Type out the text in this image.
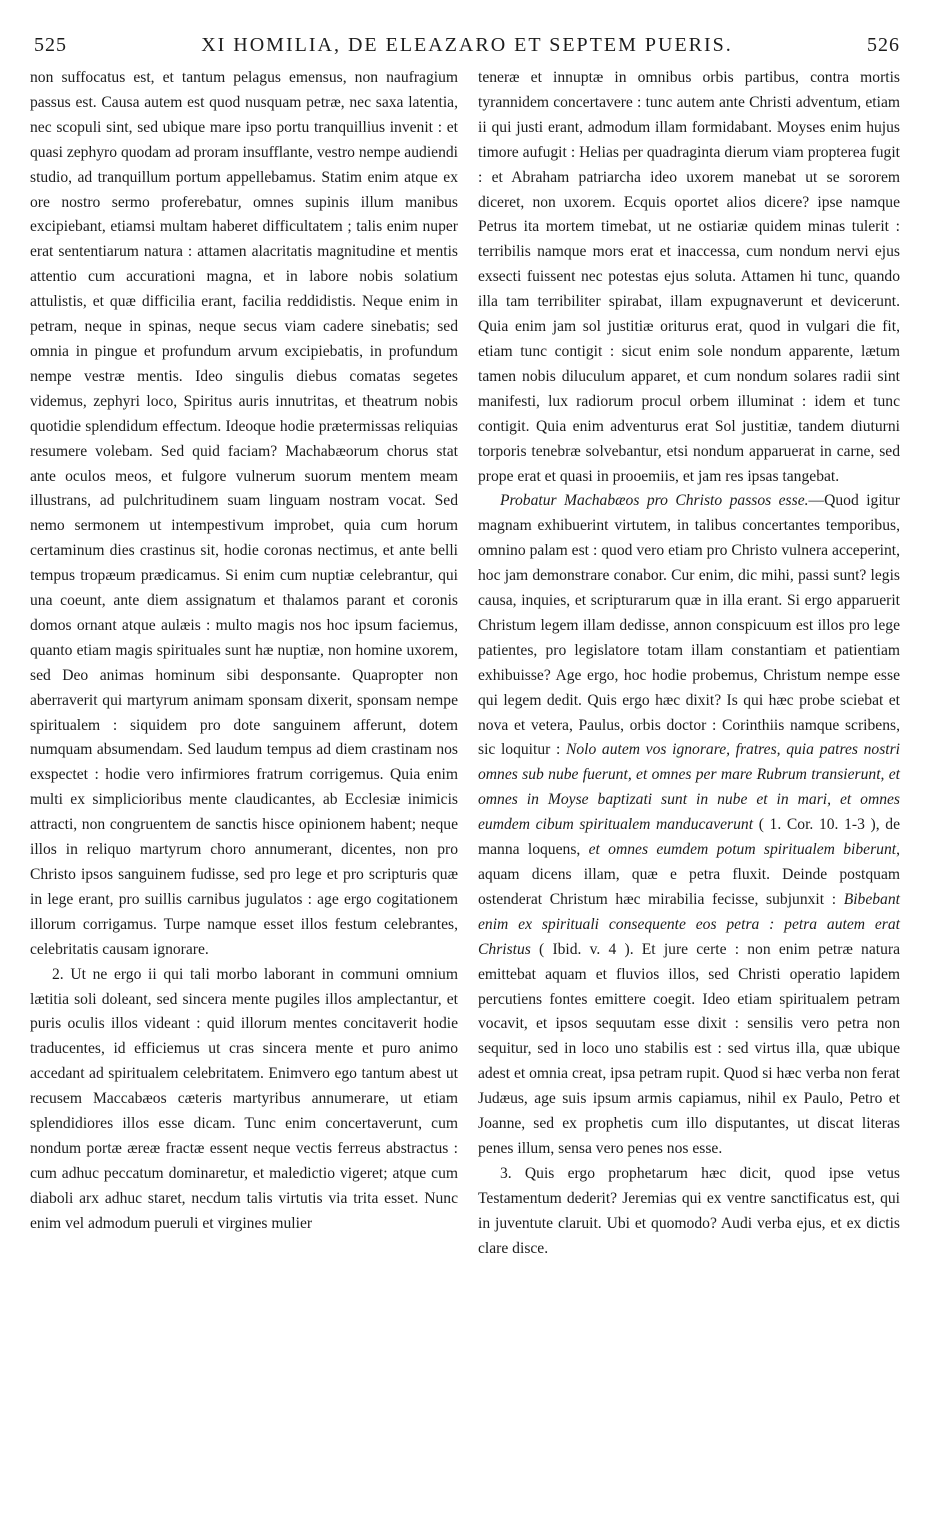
525	XI HOMILIA, DE ELEAZARO ET SEPTEM PUERIS.	526

non suffocatus est, et tantum pelagus emensus, non naufragium passus est. Causa autem est quod nusquam petræ, nec saxa latentia, nec scopuli sint, sed ubique mare ipso portu tranquillius invenit : et quasi zephyro quodam ad proram insufflante, vestro nempe audiendi studio, ad tranquillum portum appellebamus. Statim enim atque ex ore nostro sermo proferebatur, omnes supinis illum manibus excipiebant, etiamsi multam haberet difficultatem ; talis enim nuper erat sententiarum natura : attamen alacritatis magnitudine et mentis attentio cum accurationi magna, et in labore nobis solatium attulistis, et quæ difficilia erant, facilia reddidistis. Neque enim in petram, neque in spinas, neque secus viam cadere sinebatis; sed omnia in pingue et profundum arvum excipiebatis, in profundum nempe vestræ mentis. Ideo singulis diebus comatas segetes videmus, zephyri loco, Spiritus auris innutritas, et theatrum nobis quotidie splendidum effectum. Ideoque hodie prætermissas reliquias resumere volebam. Sed quid faciam? Machabæorum chorus stat ante oculos meos, et fulgore vulnerum suorum mentem meam illustrans, ad pulchritudinem suam linguam nostram vocat. Sed nemo sermonem ut intempestivum improbet, quia cum horum certaminum dies crastinus sit, hodie coronas nectimus, et ante belli tempus tropæum prædicamus. Si enim cum nuptiæ celebrantur, qui una coeunt, ante diem assignatum et thalamos parant et coronis domos ornant atque aulæis : multo magis nos hoc ipsum faciemus, quanto etiam magis spirituales sunt hæ nuptiæ, non homine uxorem, sed Deo animas hominum sibi desponsante. Quapropter non aberraverit qui martyrum animam sponsam dixerit, sponsam nempe spiritualem : siquidem pro dote sanguinem afferunt, dotem numquam absumendam. Sed laudum tempus ad diem crastinam nos exspectet : hodie vero infirmiores fratrum corrigemus. Quia enim multi ex simplicioribus mente claudicantes, ab Ecclesiæ inimicis attracti, non congruentem de sanctis hisce opinionem habent; neque illos in reliquo martyrum choro annumerant, dicentes, non pro Christo ipsos sanguinem fudisse, sed pro lege et pro scripturis quæ in lege erant, pro suillis carnibus jugulatos : age ergo cogitationem illorum corrigamus. Turpe namque esset illos festum celebrantes, celebritatis causam ignorare.

2. Ut ne ergo ii qui tali morbo laborant in communi omnium lætitia soli doleant, sed sincera mente pugiles illos amplectantur, et puris oculis illos videant : quid illorum mentes concitaverit hodie traducentes, id efficiemus ut cras sincera mente et puro animo accedant ad spiritualem celebritatem. Enimvero ego tantum abest ut recusem Maccabæos cæteris martyribus annumerare, ut etiam splendidiores illos esse dicam. Tunc enim concertaverunt, cum nondum portæ æreæ fractæ essent neque vectis ferreus abstractus : cum adhuc peccatum dominaretur, et maledictio vigeret; atque cum diaboli arx adhuc staret, necdum talis virtutis via trita esset. Nunc enim vel admodum pueruli et virgines mulier

teneræ et innuptæ in omnibus orbis partibus, contra mortis tyrannidem concertavere : tunc autem ante Christi adventum, etiam ii qui justi erant, admodum illam formidabant. Moyses enim hujus timore aufugit : Helias per quadraginta dierum viam propterea fugit : et Abraham patriarcha ideo uxorem manebat ut se sororem diceret, non uxorem. Ecquis oportet alios dicere? ipse namque Petrus ita mortem timebat, ut ne ostiariæ quidem minas tulerit : terribilis namque mors erat et inaccessa, cum nondum nervi ejus exsecti fuissent nec potestas ejus soluta. Attamen hi tunc, quando illa tam terribiliter spirabat, illam expugnaverunt et devicerunt. Quia enim jam sol justitiæ oriturus erat, quod in vulgari die fit, etiam tunc contigit : sicut enim sole nondum apparente, lætum tamen nobis diluculum apparet, et cum nondum solares radii sint manifesti, lux radiorum procul orbem illuminat : idem et tunc contigit. Quia enim adventurus erat Sol justitiæ, tandem diuturni torporis tenebræ solvebantur, etsi nondum apparuerat in carne, sed prope erat et quasi in prooemiis, et jam res ipsas tangebat.

Probatur Machabæos pro Christo passos esse.—Quod igitur magnam exhibuerint virtutem, in talibus concertantes temporibus, omnino palam est : quod vero etiam pro Christo vulnera acceperint, hoc jam demonstrare conabor. Cur enim, dic mihi, passi sunt? legis causa, inquies, et scripturarum quæ in illa erant. Si ergo apparuerit Christum legem illam dedisse, annon conspicuum est illos pro lege patientes, pro legislatore totam illam constantiam et patientiam exhibuisse? Age ergo, hoc hodie probemus, Christum nempe esse qui legem dedit. Quis ergo hæc dixit? Is qui hæc probe sciebat et nova et vetera, Paulus, orbis doctor : Corinthiis namque scribens, sic loquitur : Nolo autem vos ignorare, fratres, quia patres nostri omnes sub nube fuerunt, et omnes per mare Rubrum transierunt, et omnes in Moyse baptizati sunt in nube et in mari, et omnes eumdem cibum spiritualem manducaverunt ( 1. Cor. 10. 1-3 ), de manna loquens, et omnes eumdem potum spiritualem biberunt, aquam dicens illam, quæ e petra fluxit. Deinde postquam ostenderat Christum hæc mirabilia fecisse, subjunxit : Bibebant enim ex spirituali consequente eos petra : petra autem erat Christus ( Ibid. v. 4 ). Et jure certe : non enim petræ natura emittebat aquam et fluvios illos, sed Christi operatio lapidem percutiens fontes emittere coegit. Ideo etiam spiritualem petram vocavit, et ipsos sequutam esse dixit : sensilis vero petra non sequitur, sed in loco uno stabilis est : sed virtus illa, quæ ubique adest et omnia creat, ipsa petram rupit. Quod si hæc verba non ferat Judæus, age suis ipsum armis capiamus, nihil ex Paulo, Petro et Joanne, sed ex prophetis cum illo disputantes, ut discat literas penes illum, sensa vero penes nos esse.

3. Quis ergo prophetarum hæc dicit, quod ipse vetus Testamentum dederit? Jeremias qui ex ventre sanctificatus est, qui in juventute claruit. Ubi et quomodo? Audi verba ejus, et ex dictis clare disce.
